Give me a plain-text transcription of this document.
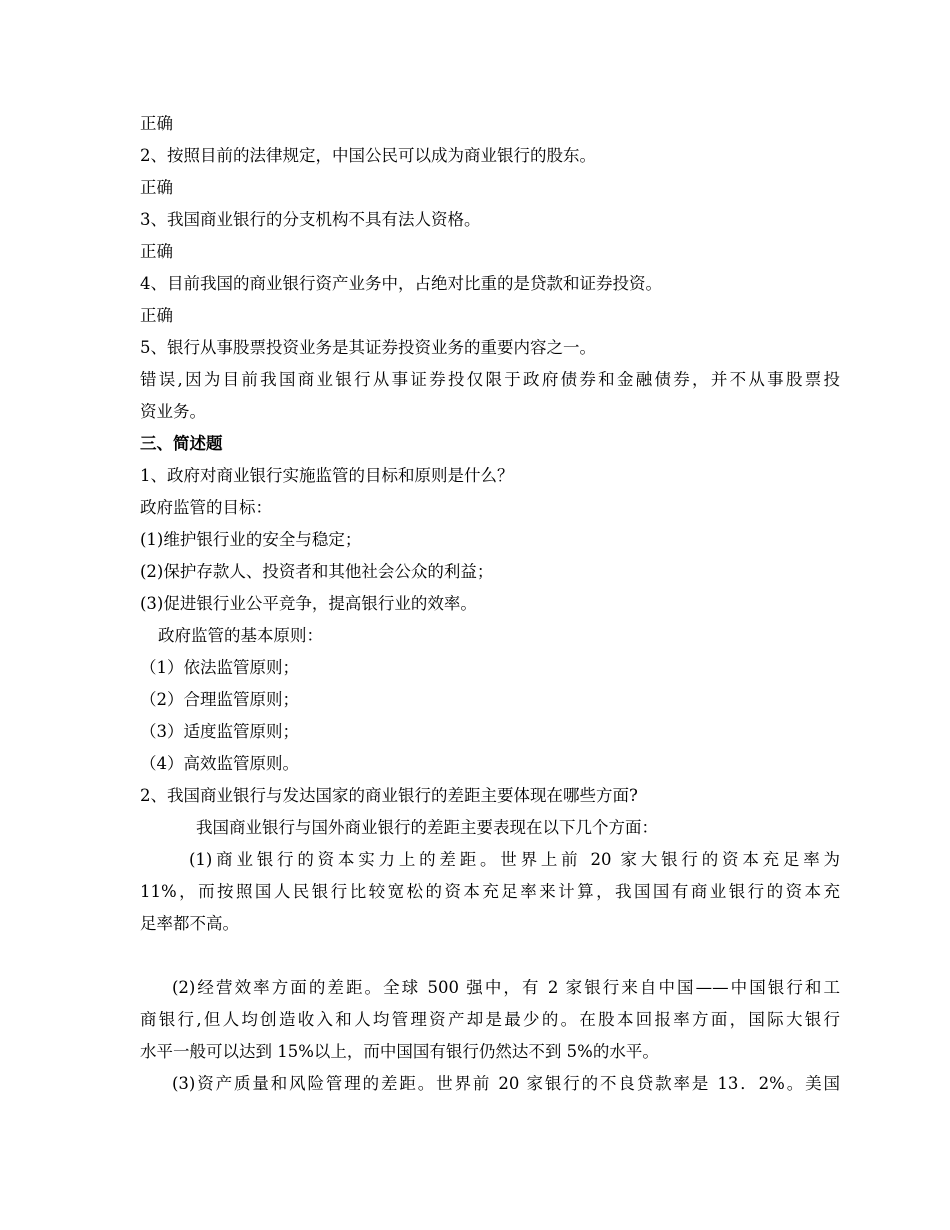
正确
2、按照目前的法律规定，中国公民可以成为商业银行的股东。
正确
3、我国商业银行的分支机构不具有法人资格。
正确
4、目前我国的商业银行资产业务中，占绝对比重的是贷款和证券投资。
正确
5、银行从事股票投资业务是其证券投资业务的重要内容之一。
错误,因为目前我国商业银行从事证券投仅限于政府债券和金融债券，并不从事股票投
资业务。
三、简述题
1、政府对商业银行实施监管的目标和原则是什么？
政府监管的目标：
(1)维护银行业的安全与稳定；
(2)保护存款人、投资者和其他社会公众的利益；
(3)促进银行业公平竞争，提高银行业的效率。
政府监管的基本原则：
（1）依法监管原则；
（2）合理监管原则；
（3）适度监管原则；
（4）高效监管原则。
2、我国商业银行与发达国家的商业银行的差距主要体现在哪些方面?
我国商业银行与国外商业银行的差距主要表现在以下几个方面：
(1)商业银行的资本实力上的差距。世界上前 20 家大银行的资本充足率为
11%，而按照国人民银行比较宽松的资本充足率来计算，我国国有商业银行的资本充
足率都不高。
(2)经营效率方面的差距。全球 500 强中，有 2 家银行来自中国——中国银行和工
商银行,但人均创造收入和人均管理资产却是最少的。在股本回报率方面，国际大银行
水平一般可以达到 15%以上，而中国国有银行仍然达不到 5%的水平。
(3)资产质量和风险管理的差距。世界前 20 家银行的不良贷款率是 13．2%。美国
